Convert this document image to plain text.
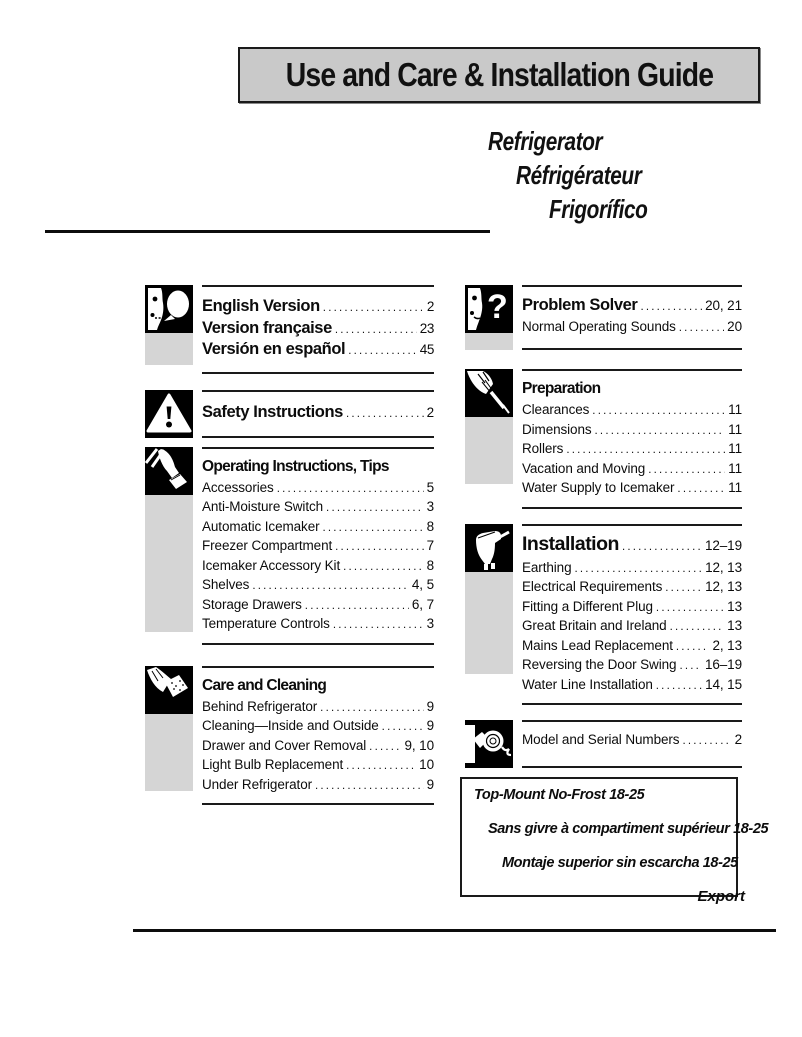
Use and Care & Installation Guide
Refrigerator
Réfrigérateur
Frigorífico
English Version .....	2
Version française .....	23
Versión en español .....	45
Safety Instructions .....	2
Operating Instructions, Tips
Accessories .....	5
Anti-Moisture Switch .....	3
Automatic Icemaker .....	8
Freezer Compartment .....	7
Icemaker Accessory Kit .....	8
Shelves .....	4, 5
Storage Drawers .....	6, 7
Temperature Controls .....	3
Care and Cleaning
Behind Refrigerator .....	9
Cleaning—Inside and Outside .....	9
Drawer and Cover Removal .....	9, 10
Light Bulb Replacement .....	10
Under Refrigerator .....	9
? Problem Solver .....	20, 21
Normal Operating Sounds .....	20
Preparation
Clearances .....	11
Dimensions .....	11
Rollers .....	11
Vacation and Moving .....	11
Water Supply to Icemaker .....	11
Installation .....	12–19
Earthing .....	12, 13
Electrical Requirements .....	12, 13
Fitting a Different Plug .....	13
Great Britain and Ireland .....	13
Mains Lead Replacement .....	2, 13
Reversing the Door Swing ..... 16–19
Water Line Installation .....	14, 15
Model and Serial Numbers .....	2
Top-Mount No-Frost 18-25
Sans givre à compartiment supérieur 18-25
Montaje superior sin escarcha 18-25
Export
